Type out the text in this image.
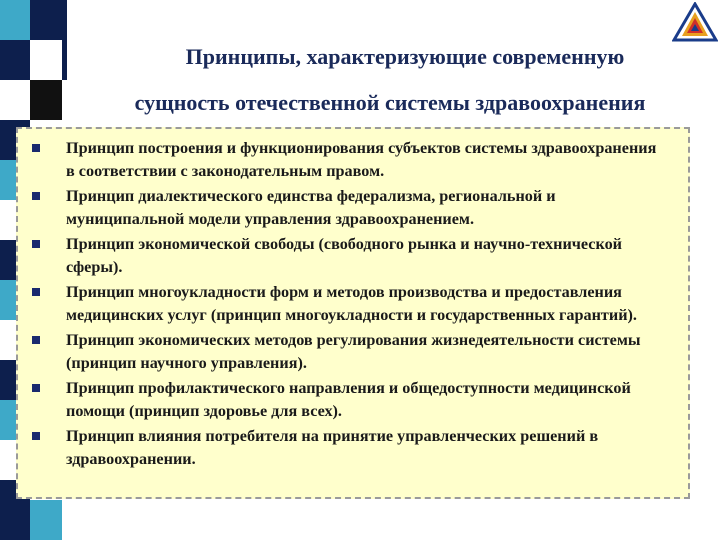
Принципы, характеризующие современную
сущность отечественной системы здравоохранения
Принцип построения и функционирования субъектов системы здравоохранения в соответствии с законодательным правом.
Принцип диалектического единства федерализма, региональной и муниципальной модели управления здравоохранением.
Принцип экономической свободы (свободного рынка и научно-технической сферы).
Принцип многоукладности форм и методов производства и предоставления медицинских услуг (принцип многоукладности и государственных гарантий).
Принцип экономических методов регулирования жизнедеятельности системы (принцип научного управления).
Принцип профилактического направления и общедоступности медицинской помощи (принцип здоровье для всех).
Принцип влияния потребителя на принятие управленческих решений в здравоохранении.
